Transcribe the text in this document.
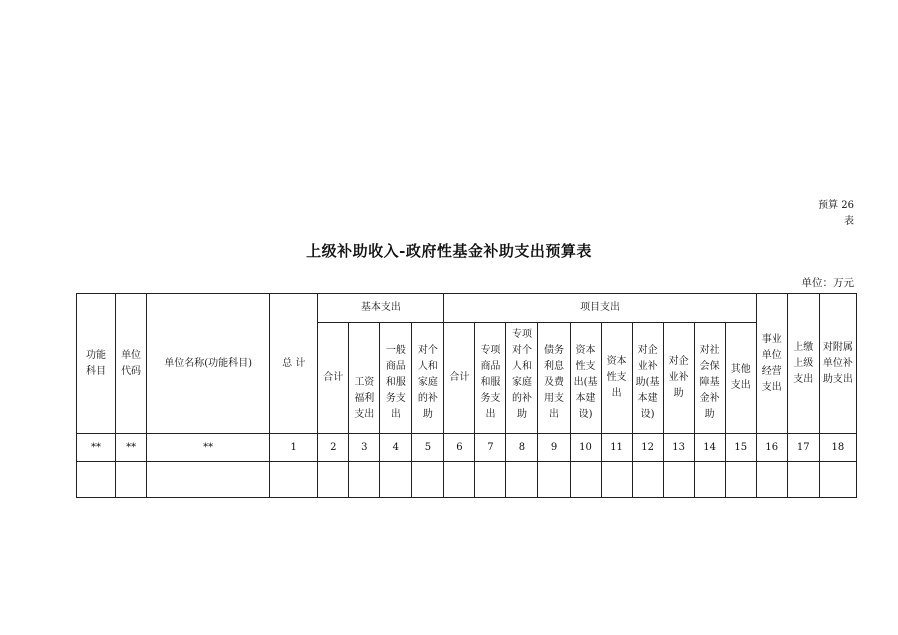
预算 26
表
上级补助收入-政府性基金补助支出预算表
单位：万元
功能科目	单位代码	单位名称(功能科目)	总 计	基本支出				项目支出										事业单位经营支出	上缴上级支出	对附属单位补助支出
				合计	工资福利支出	一般商品和服务支出	对个人和家庭的补助	合计	专项商品和服务支出	专项对个人和家庭的补助	债务利息及费用支出	资本性支出(基本建设)	资本性支出	对企业补助(基本建设)	对企业补助	对社会保障基金补助	其他支出			
**	**	**	1	2	3	4	5	6	7	8	9	10	11	12	13	14	15	16	17	18
